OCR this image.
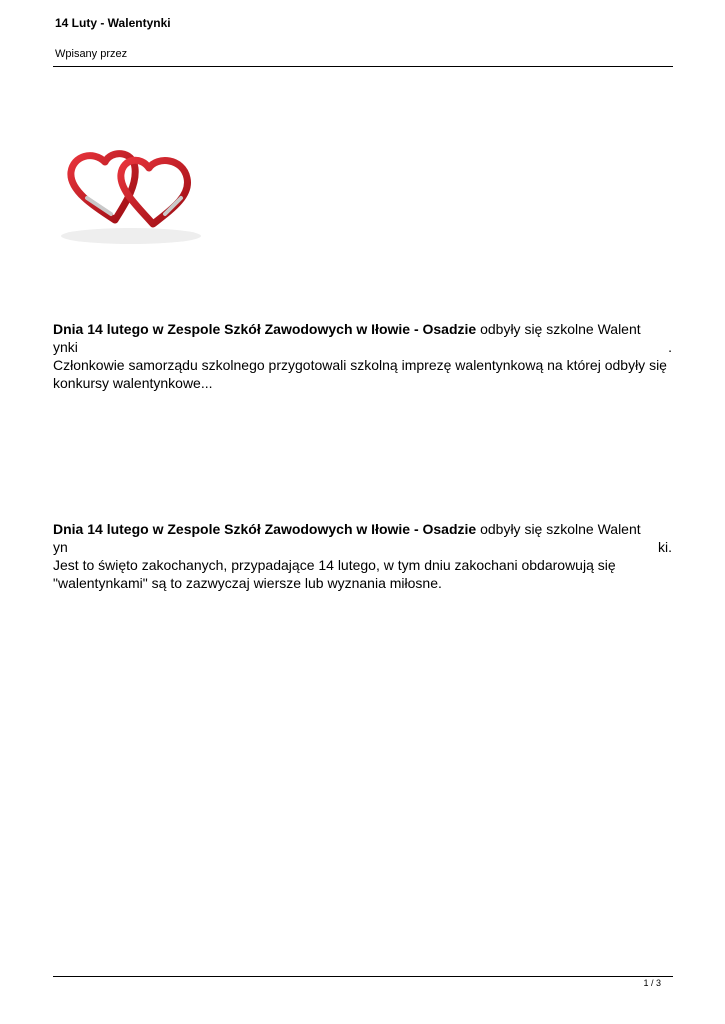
14 Luty - Walentynki
Wpisany przez
Dnia 14 lutego w Zespole Szkół Zawodowych w Iłowie - Osadzie odbyły się szkolne Walent
ynki	.
Członkowie samorządu szkolnego przygotowali szkolną imprezę walentynkową na której odbyły się konkursy walentynkowe...
Dnia 14 lutego w Zespole Szkół Zawodowych w Iłowie - Osadzie odbyły się szkolne Walent
yn	ki.
Jest to święto zakochanych, przypadające 14 lutego, w tym dniu zakochani obdarowują się "walentynkami" są to zazwyczaj wiersze lub wyznania miłosne.
1 / 3
